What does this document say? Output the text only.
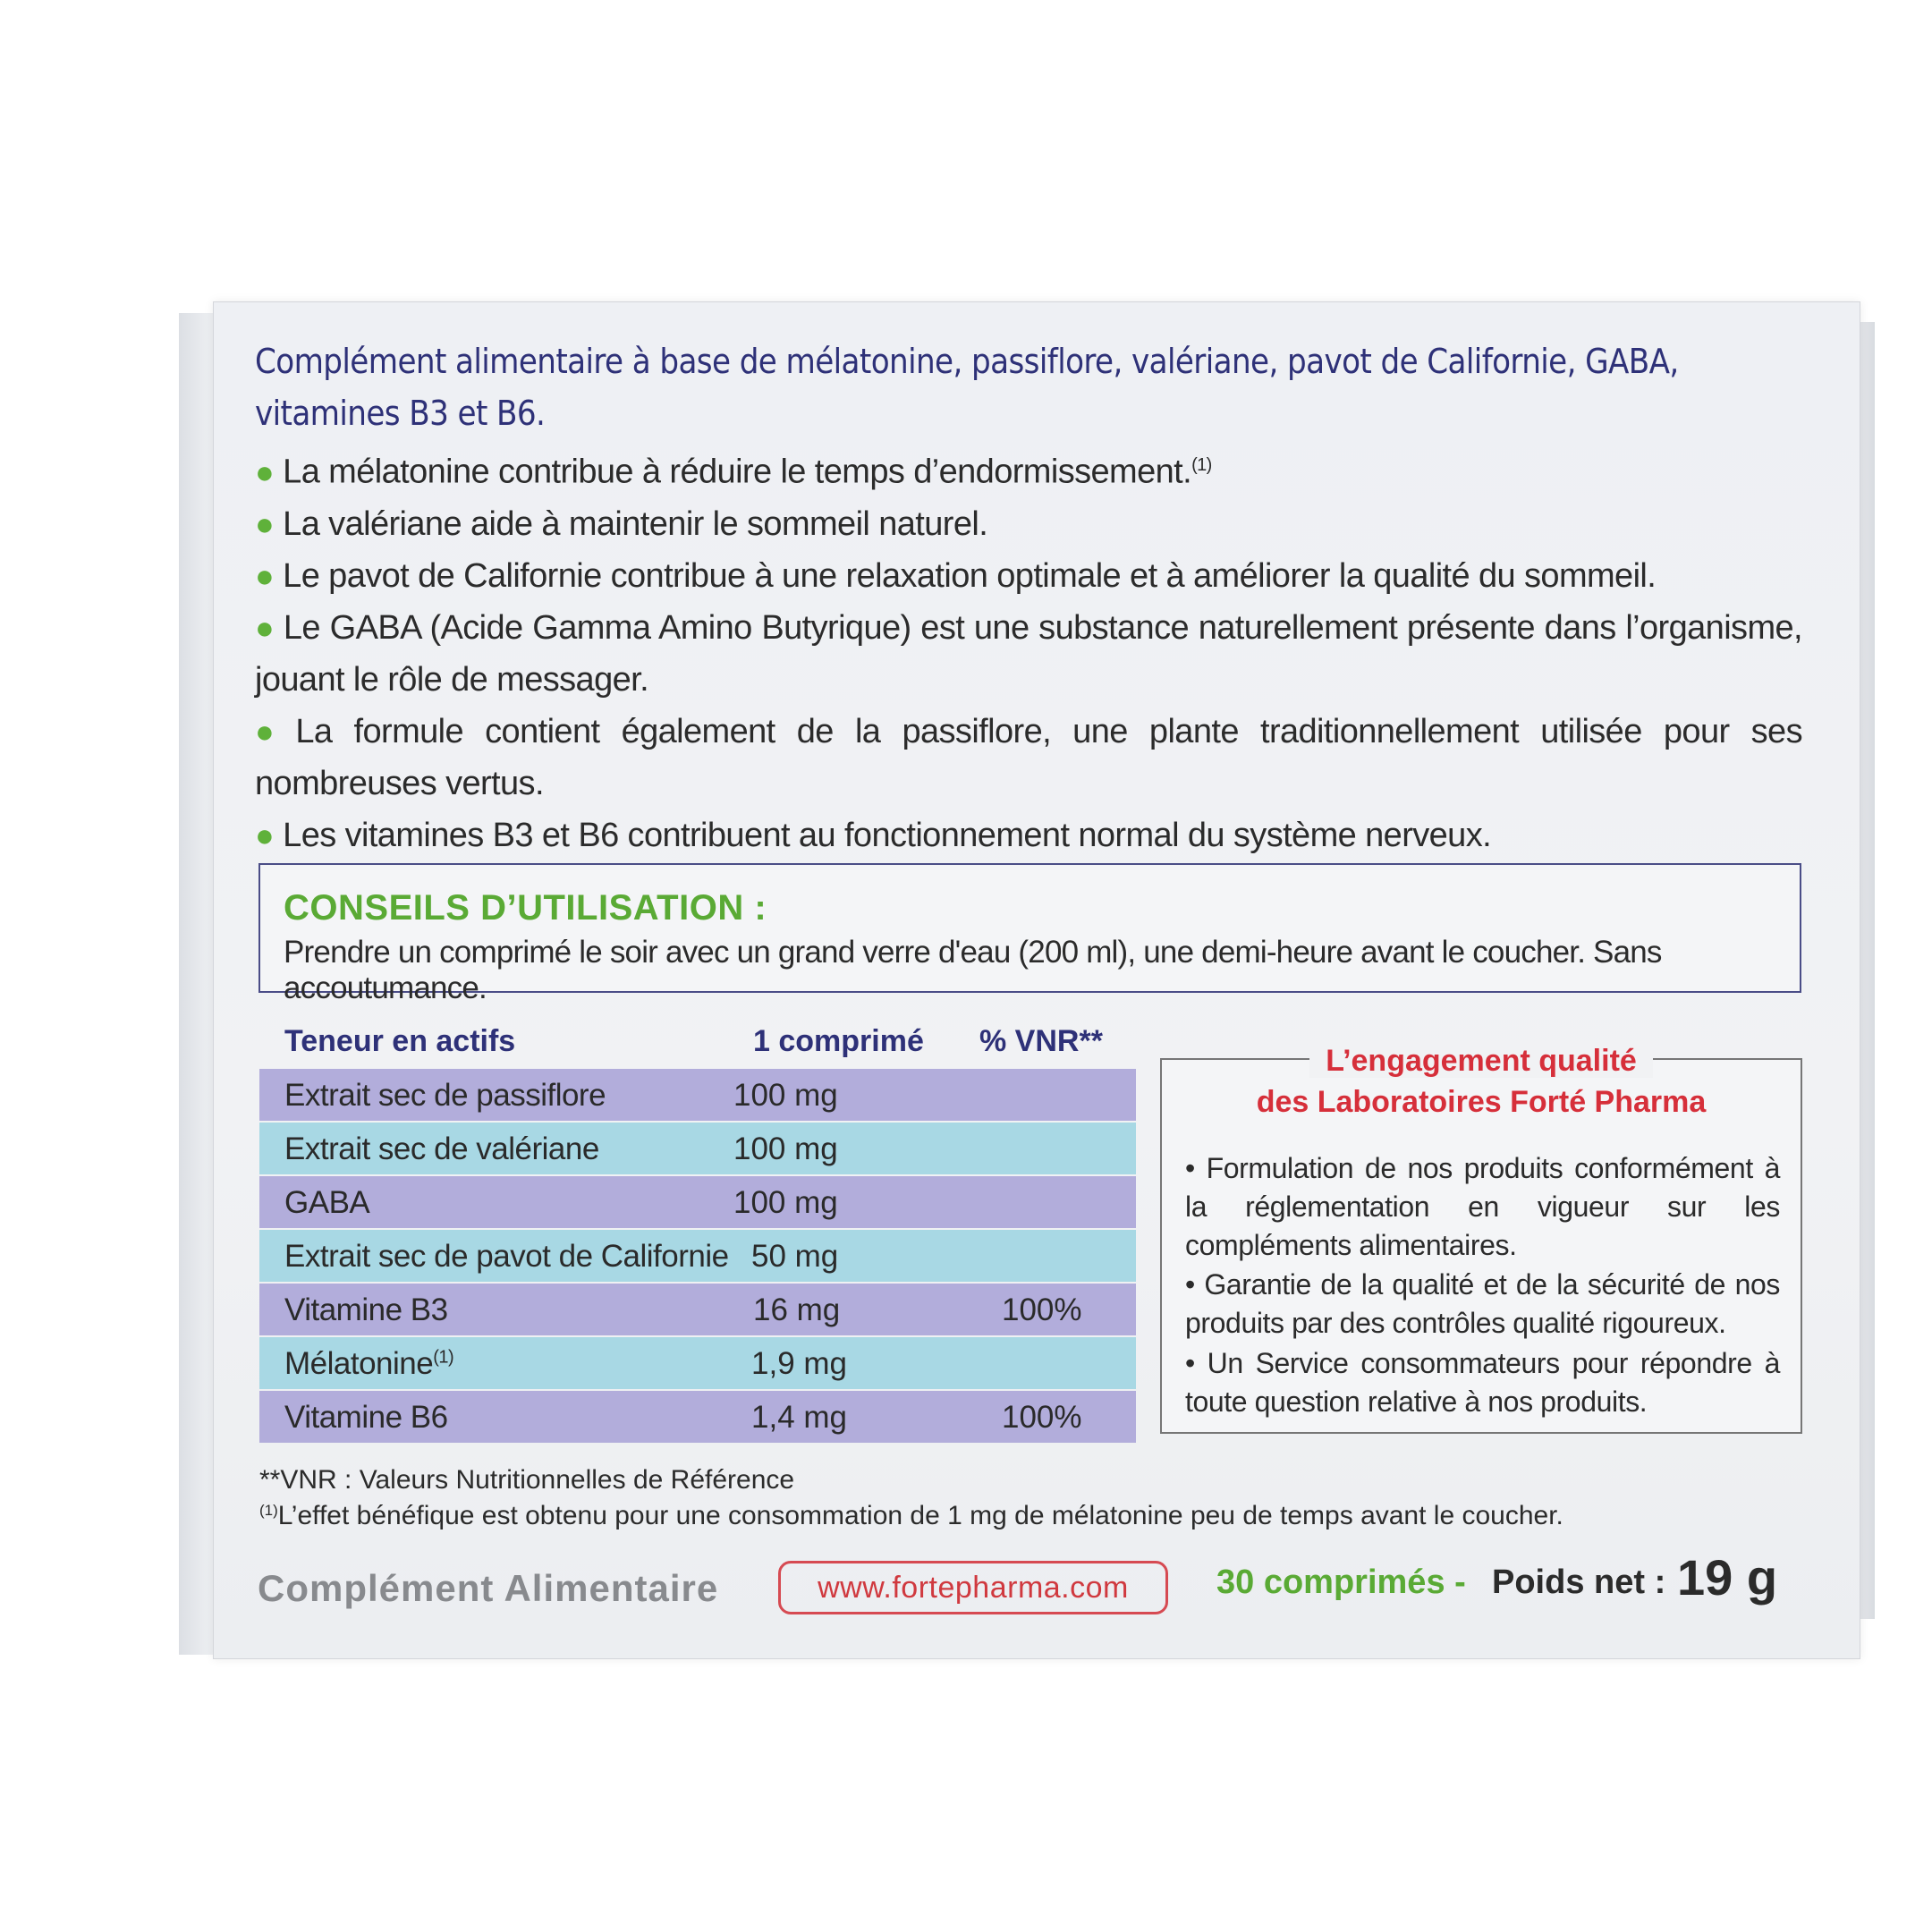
Complément alimentaire à base de mélatonine, passiflore, valériane, pavot de Californie, GABA, vitamines B3 et B6.
● La mélatonine contribue à réduire le temps d’endormissement.$^{(1)}$
● La valériane aide à maintenir le sommeil naturel.
● Le pavot de Californie contribue à une relaxation optimale et à améliorer la qualité du sommeil.
● Le GABA (Acide Gamma Amino Butyrique) est une substance naturellement présente dans l’organisme, jouant le rôle de messager.
● La formule contient également de la passiflore, une plante traditionnellement utilisée pour ses nombreuses vertus.
● Les vitamines B3 et B6 contribuent au fonctionnement normal du système nerveux.
CONSEILS D’UTILISATION :
Prendre un comprimé le soir avec un grand verre d'eau (200 ml), une demi-heure avant le coucher. Sans accoutumance.
Teneur en actifs	1 comprimé % VNR**
Extrait sec de passiflore	100 mg
Extrait sec de valériane	100 mg
GABA	100 mg
Extrait sec de pavot de Californie 50 mg
Vitamine B3	16 mg	100%
Mélatonine$^{(1)}$	1,9 mg
Vitamine B6	1,4 mg	100%
L’engagement qualité
des Laboratoires Forté Pharma
• Formulation de nos produits conformément à la réglementation en vigueur sur les compléments alimentaires.
• Garantie de la qualité et de la sécurité de nos produits par des contrôles qualité rigoureux.
• Un Service consommateurs pour répondre à toute question relative à nos produits.
**VNR : Valeurs Nutritionnelles de Référence
$^{(1)}$L’effet bénéfique est obtenu pour une consommation de 1 mg de mélatonine peu de temps avant le coucher.
Complément Alimentaire	www.fortepharma.com	30 comprimés - Poids net : 19 g
